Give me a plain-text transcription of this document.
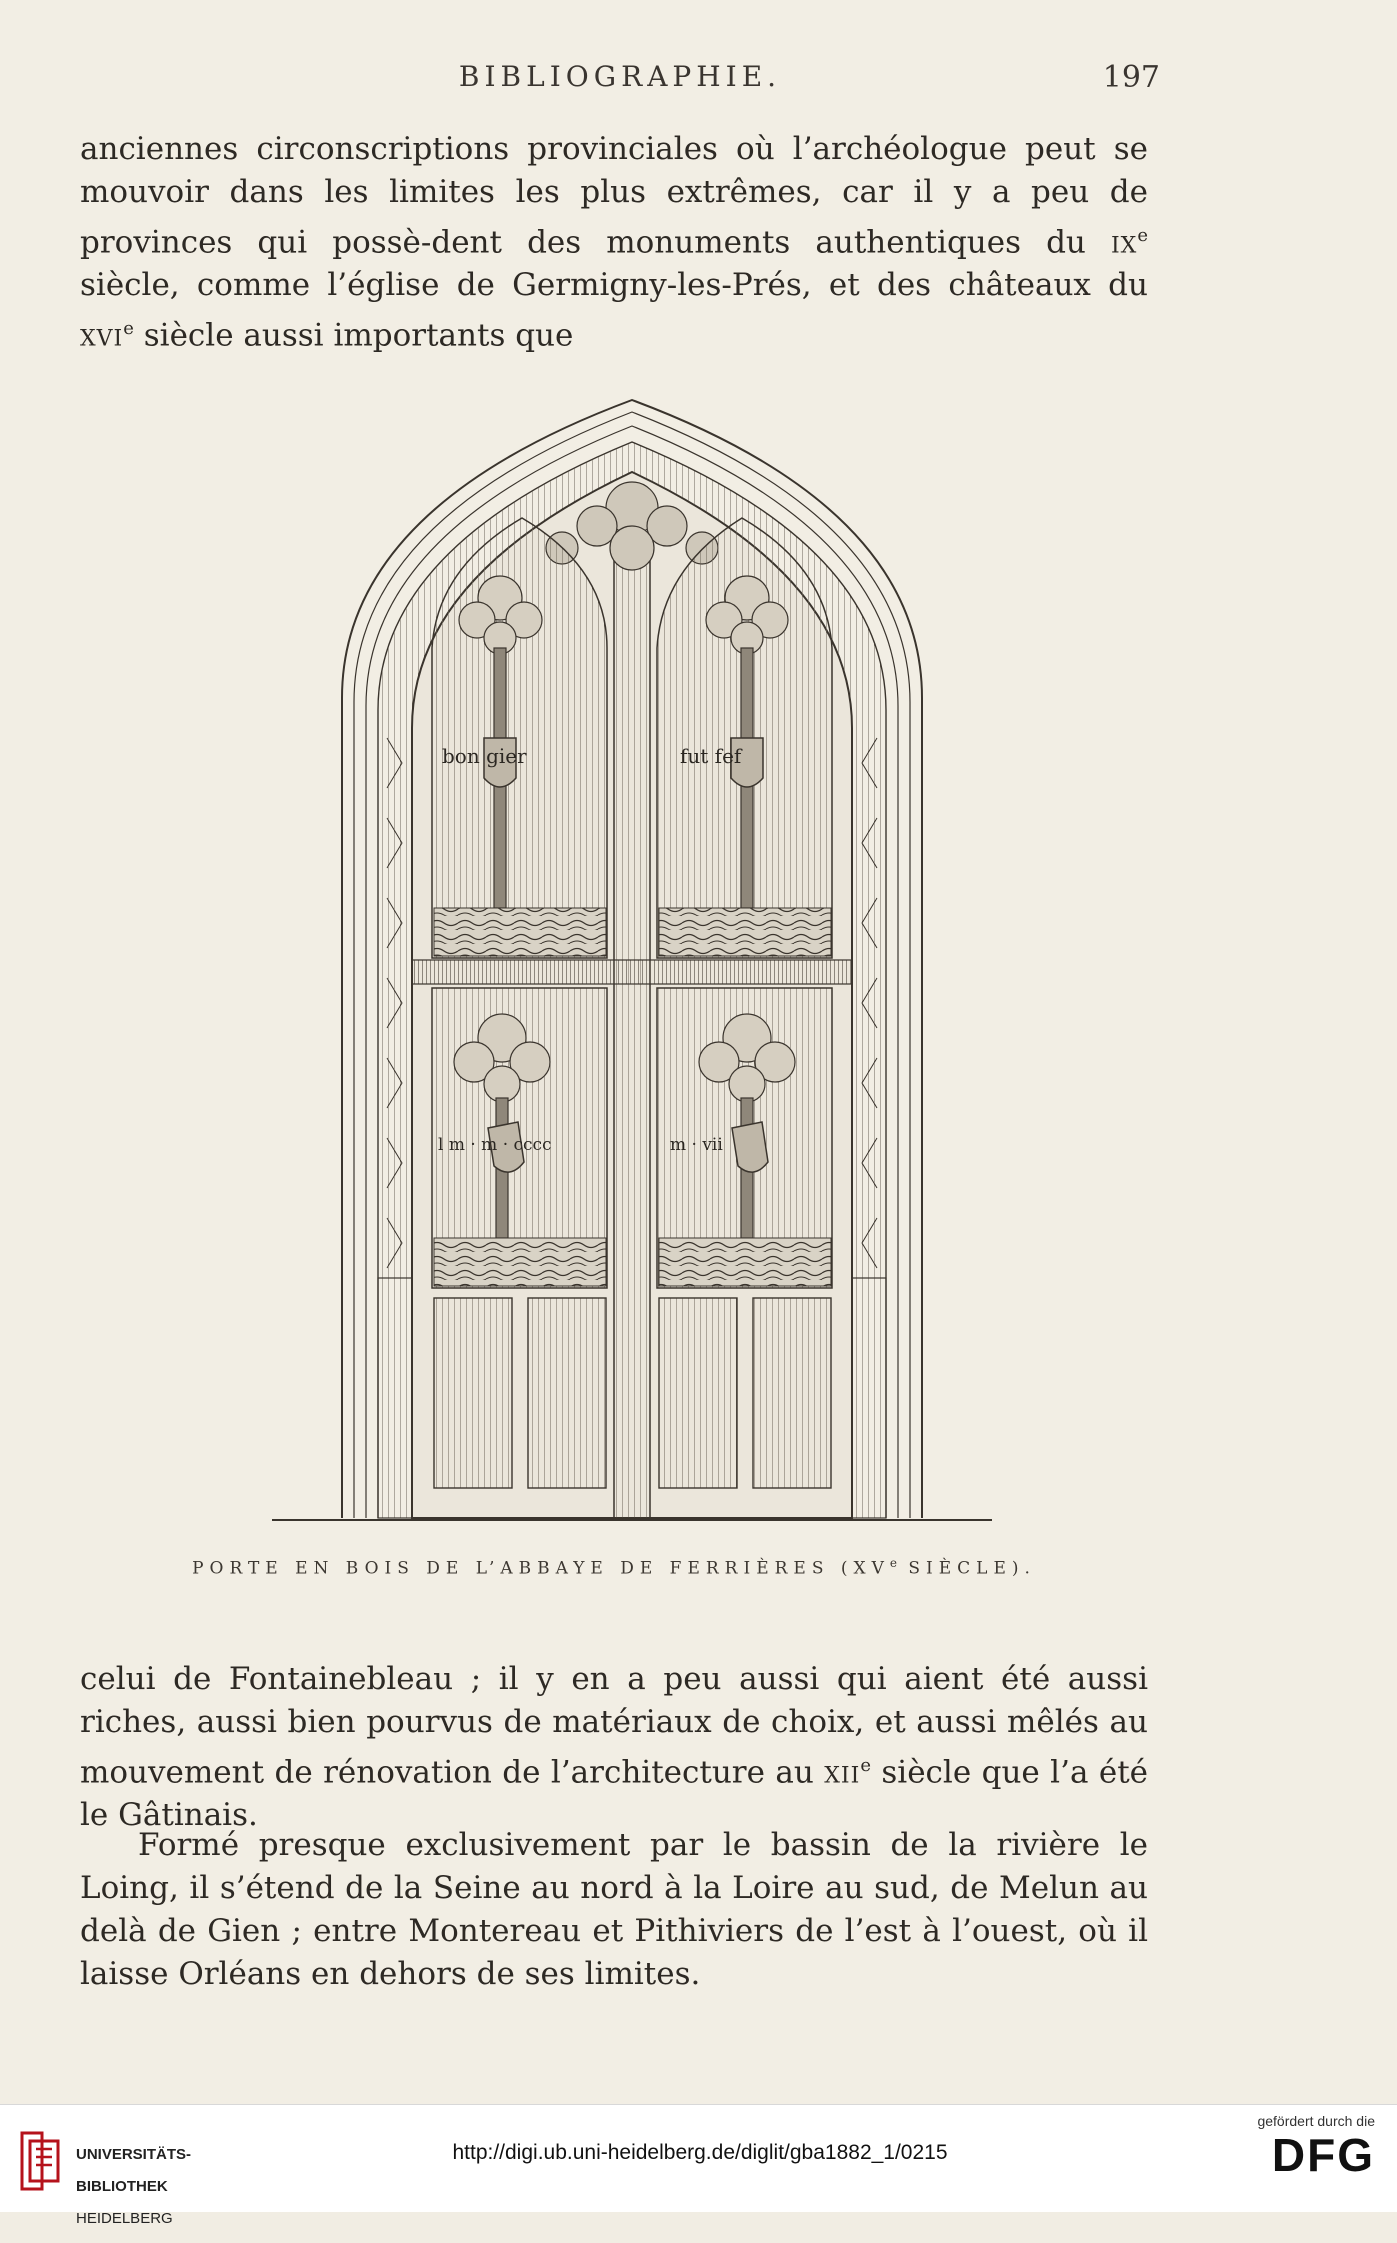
BIBLIOGRAPHIE.	197

anciennes circonscriptions provinciales où l’archéologue peut se mouvoir dans les limites les plus extrêmes, car il y a peu de provinces qui possè-dent des monuments authentiques du $ix^e$ siècle, comme l’église de Germigny-les-Prés, et des châteaux du xvi$^e$ siècle aussi importants que

bon gier	fut fef
l m · m · cccc	m · vii
PORTE EN BOIS DE L’ABBAYE DE FERRIÈRES (XVe SIÈCLE).

celui de Fontainebleau ; il y en a peu aussi qui aient été aussi riches, aussi bien pourvus de matériaux de choix, et aussi mêlés au mouvement de rénovation de l’architecture au xii$^e$ siècle que l’a été le Gâtinais.

Formé presque exclusivement par le bassin de la rivière le Loing, il s’étend de la Seine au nord à la Loire au sud, de Melun au delà de Gien ; entre Montereau et Pithiviers de l’est à l’ouest, où il laisse Orléans en dehors de ses limites.

UNIVERSITÄTS-

BIBLIOTHEK

HEIDELBERG

http://digi.ub.uni-heidelberg.de/diglit/gba1882_1/0215
gefördert durch die
DFG
